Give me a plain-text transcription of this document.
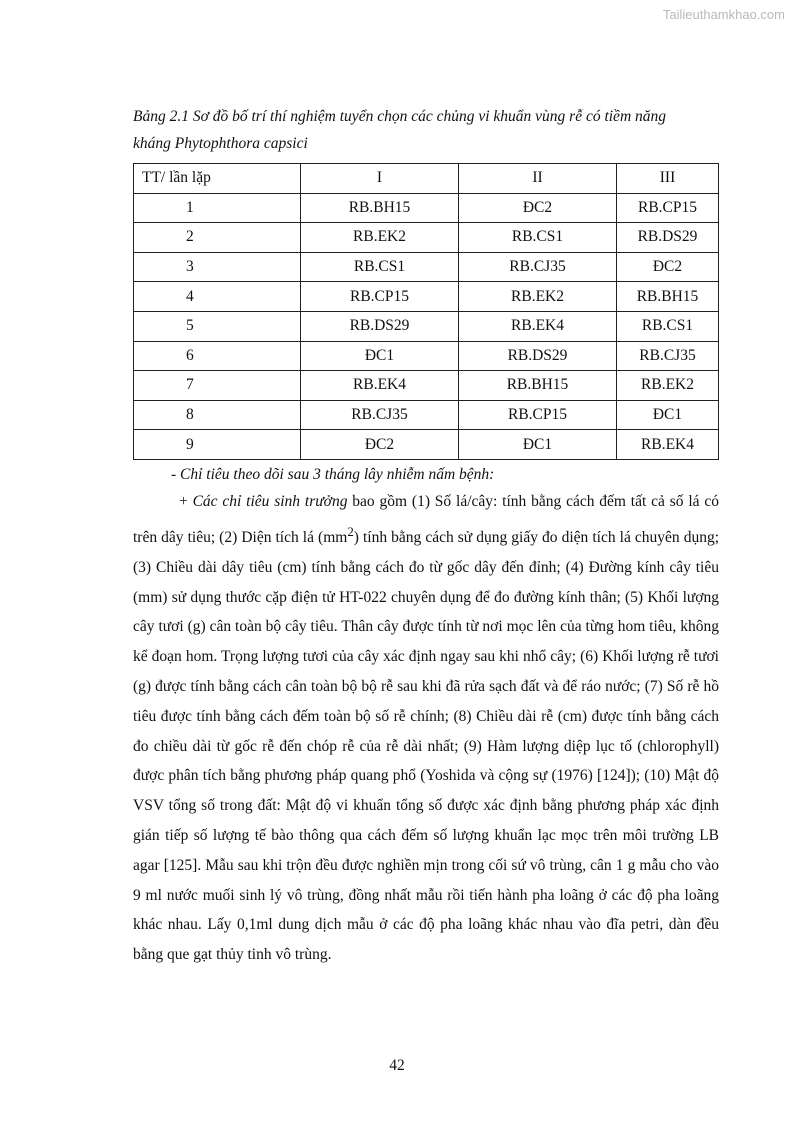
Tailieuthamkhao.com
Bảng 2.1 Sơ đồ bố trí thí nghiệm tuyển chọn các chủng vi khuẩn vùng rễ có tiềm năng
kháng Phytophthora capsici
TT/ lần lặp	I	II	III
1	RB.BH15	ĐC2	RB.CP15
2	RB.EK2	RB.CS1	RB.DS29
3	RB.CS1	RB.CJ35	ĐC2
4	RB.CP15	RB.EK2	RB.BH15
5	RB.DS29	RB.EK4	RB.CS1
6	ĐC1	RB.DS29	RB.CJ35
7	RB.EK4	RB.BH15	RB.EK2
8	RB.CJ35	RB.CP15	ĐC1
9	ĐC2	ĐC1	RB.EK4
- Chỉ tiêu theo dõi sau 3 tháng lây nhiễm nấm bệnh:
+ Các chỉ tiêu sinh trưởng bao gồm (1) Số lá/cây: tính bằng cách đếm tất cả số lá có trên dây tiêu; (2) Diện tích lá $(mm^2)$ tính bằng cách sử dụng giấy đo diện tích lá chuyên dụng; (3) Chiều dài dây tiêu (cm) tính bằng cách đo từ gốc dây đến đỉnh; (4) Đường kính cây tiêu (mm) sử dụng thước cặp điện tử HT-022 chuyên dụng để đo đường kính thân; (5) Khối lượng cây tươi (g) cân toàn bộ cây tiêu. Thân cây được tính từ nơi mọc lên của từng hom tiêu, không kể đoạn hom. Trọng lượng tươi của cây xác định ngay sau khi nhổ cây; (6) Khối lượng rễ tươi (g) được tính bằng cách cân toàn bộ bộ rễ sau khi đã rửa sạch đất và để ráo nước; (7) Số rễ hồ tiêu được tính bằng cách đếm toàn bộ số rễ chính; (8) Chiều dài rễ (cm) được tính bằng cách đo chiều dài từ gốc rễ đến chóp rễ của rễ dài nhất; (9) Hàm lượng diệp lục tố (chlorophyll) được phân tích bằng phương pháp quang phổ (Yoshida và cộng sự (1976) [124]); (10) Mật độ VSV tổng số trong đất: Mật độ vi khuẩn tổng số được xác định bằng phương pháp xác định gián tiếp số lượng tế bào thông qua cách đếm số lượng khuẩn lạc mọc trên môi trường LB agar [125]. Mẫu sau khi trộn đều được nghiền mịn trong cối sứ vô trùng, cân 1 g mẫu cho vào 9 ml nước muối sinh lý vô trùng, đồng nhất mẫu rồi tiến hành pha loãng ở các độ pha loãng khác nhau. Lấy 0,1ml dung dịch mẫu ở các độ pha loãng khác nhau vào đĩa petri, dàn đều bằng que gạt thủy tinh vô trùng.
42
